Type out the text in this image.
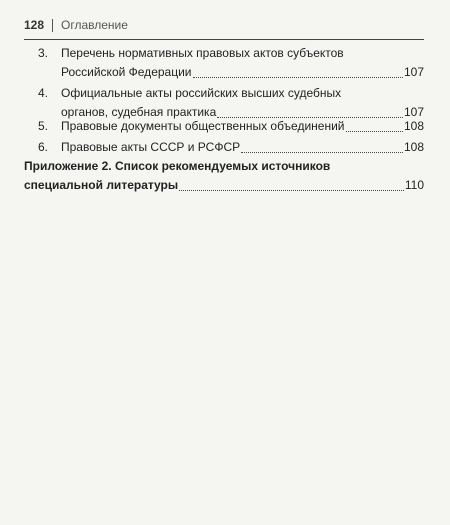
128 Оглавление
3. Перечень нормативных правовых актов субъектов
Российской Федерации	107
4. Официальные акты российских высших судебных
органов, судебная практика	107
5. Правовые документы общественных объединений	108
6. Правовые акты СССР и РСФСР	108
Приложение 2. Список рекомендуемых источников
специальной литературы	110
